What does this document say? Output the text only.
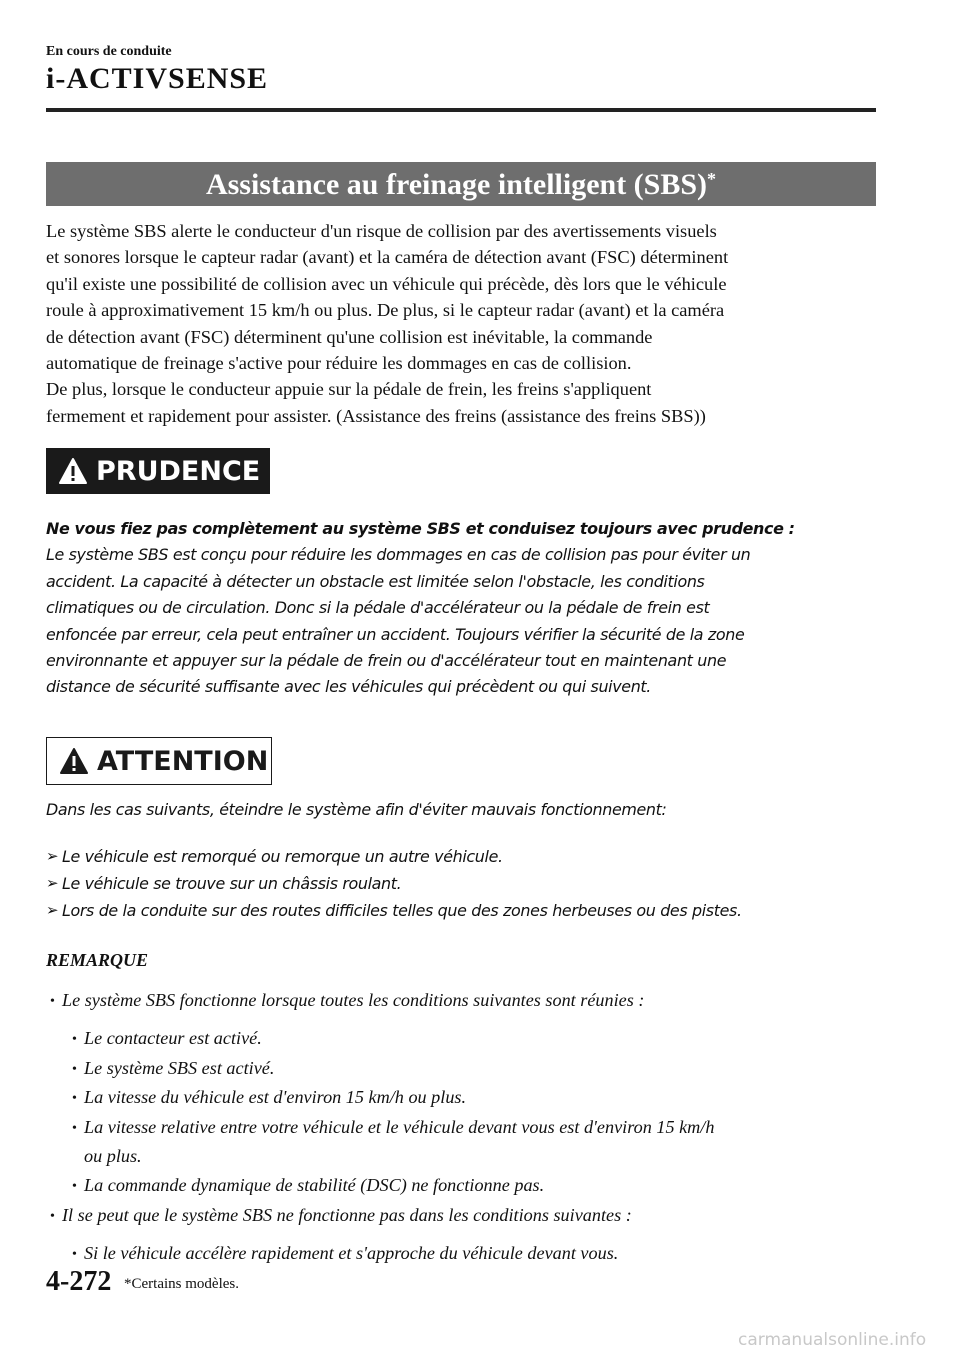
En cours de conduite
i-ACTIVSENSE
Assistance au freinage intelligent (SBS)*
Le système SBS alerte le conducteur d'un risque de collision par des avertissements visuels
et sonores lorsque le capteur radar (avant) et la caméra de détection avant (FSC) déterminent
qu'il existe une possibilité de collision avec un véhicule qui précède, dès lors que le véhicule
roule à approximativement 15 km/h ou plus. De plus, si le capteur radar (avant) et la caméra
de détection avant (FSC) déterminent qu'une collision est inévitable, la commande
automatique de freinage s'active pour réduire les dommages en cas de collision.
De plus, lorsque le conducteur appuie sur la pédale de frein, les freins s'appliquent
fermement et rapidement pour assister. (Assistance des freins (assistance des freins SBS))
PRUDENCE
Ne vous fiez pas complètement au système SBS et conduisez toujours avec prudence :
Le système SBS est conçu pour réduire les dommages en cas de collision pas pour éviter un
accident. La capacité à détecter un obstacle est limitée selon l'obstacle, les conditions
climatiques ou de circulation. Donc si la pédale d'accélérateur ou la pédale de frein est
enfoncée par erreur, cela peut entraîner un accident. Toujours vérifier la sécurité de la zone
environnante et appuyer sur la pédale de frein ou d'accélérateur tout en maintenant une
distance de sécurité suffisante avec les véhicules qui précèdent ou qui suivent.
ATTENTION
Dans les cas suivants, éteindre le système afin d'éviter mauvais fonctionnement:
➢ Le véhicule est remorqué ou remorque un autre véhicule.
➢ Le véhicule se trouve sur un châssis roulant.
➢ Lors de la conduite sur des routes difficiles telles que des zones herbeuses ou des pistes.
REMARQUE
• Le système SBS fonctionne lorsque toutes les conditions suivantes sont réunies :
• Le contacteur est activé.
• Le système SBS est activé.
• La vitesse du véhicule est d'environ 15 km/h ou plus.
• La vitesse relative entre votre véhicule et le véhicule devant vous est d'environ 15 km/h
ou plus.
• La commande dynamique de stabilité (DSC) ne fonctionne pas.
• Il se peut que le système SBS ne fonctionne pas dans les conditions suivantes :
• Si le véhicule accélère rapidement et s'approche du véhicule devant vous.
4-272 *Certains modèles.
carmanualsonline.info
